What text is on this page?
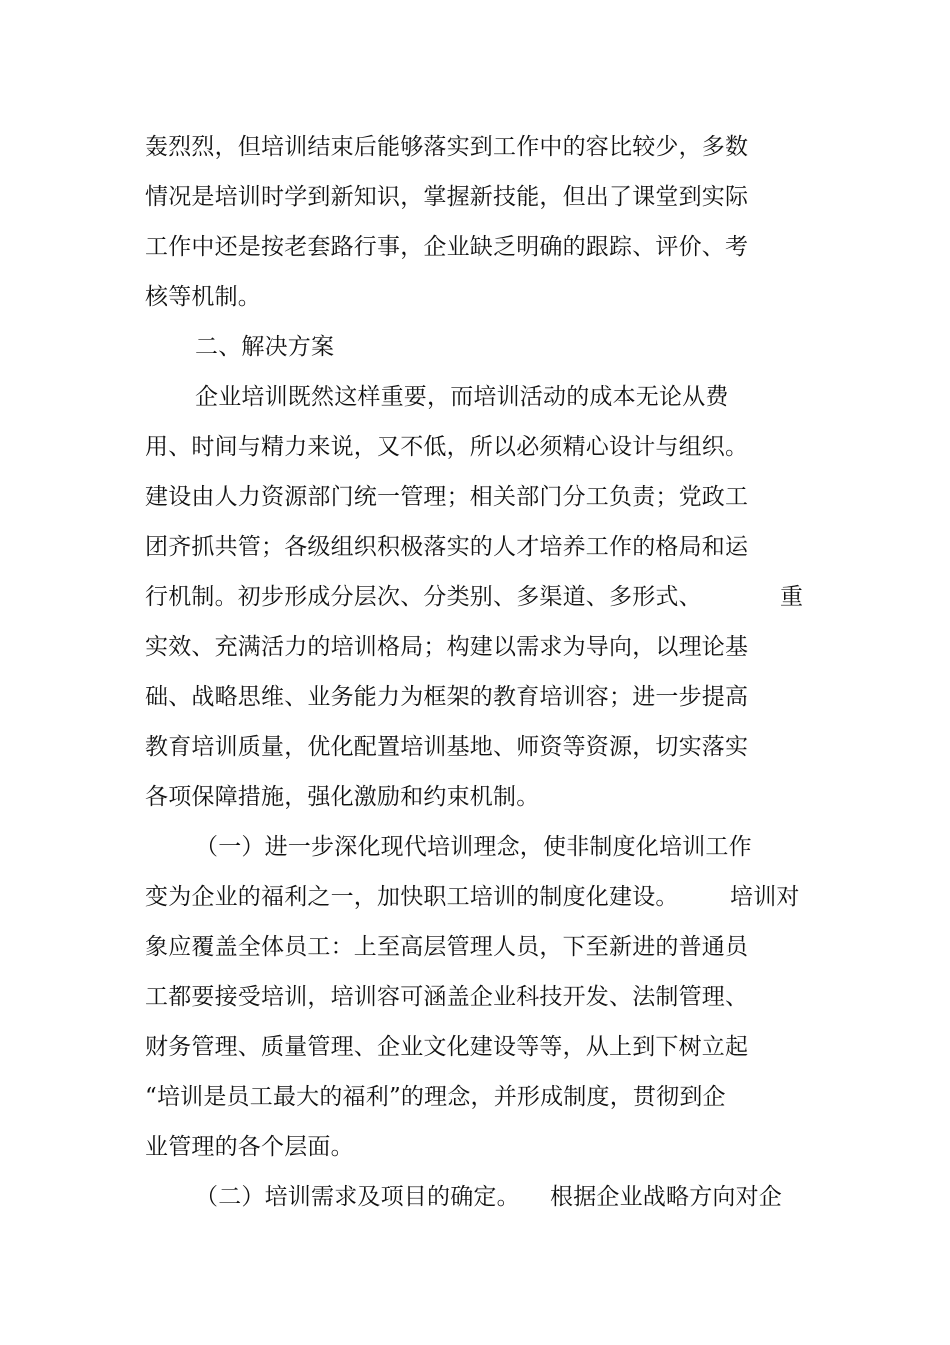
轰烈烈，但培训结束后能够落实到工作中的容比较少，多数
情况是培训时学到新知识，掌握新技能，但出了课堂到实际
工作中还是按老套路行事，企业缺乏明确的跟踪、评价、考
核等机制。
二、解决方案
企业培训既然这样重要，而培训活动的成本无论从费
用、时间与精力来说，又不低，所以必须精心设计与组织。
建设由人力资源部门统一管理；相关部门分工负责；党政工
团齐抓共管；各级组织积极落实的人才培养工作的格局和运
行机制。初步形成分层次、分类别、多渠道、多形式、	重
实效、充满活力的培训格局；构建以需求为导向，以理论基
础、战略思维、业务能力为框架的教育培训容；进一步提高
教育培训质量，优化配置培训基地、师资等资源，切实落实
各项保障措施，强化激励和约束机制。
（一）进一步深化现代培训理念，使非制度化培训工作
变为企业的福利之一，加快职工培训的制度化建设。 培训对
象应覆盖全体员工：上至高层管理人员，下至新进的普通员
工都要接受培训，培训容可涵盖企业科技开发、法制管理、
财务管理、质量管理、企业文化建设等等，从上到下树立起
“培训是员工最大的福利”的理念，并形成制度，贯彻到企
业管理的各个层面。
（二）培训需求及项目的确定。 根据企业战略方向对企
